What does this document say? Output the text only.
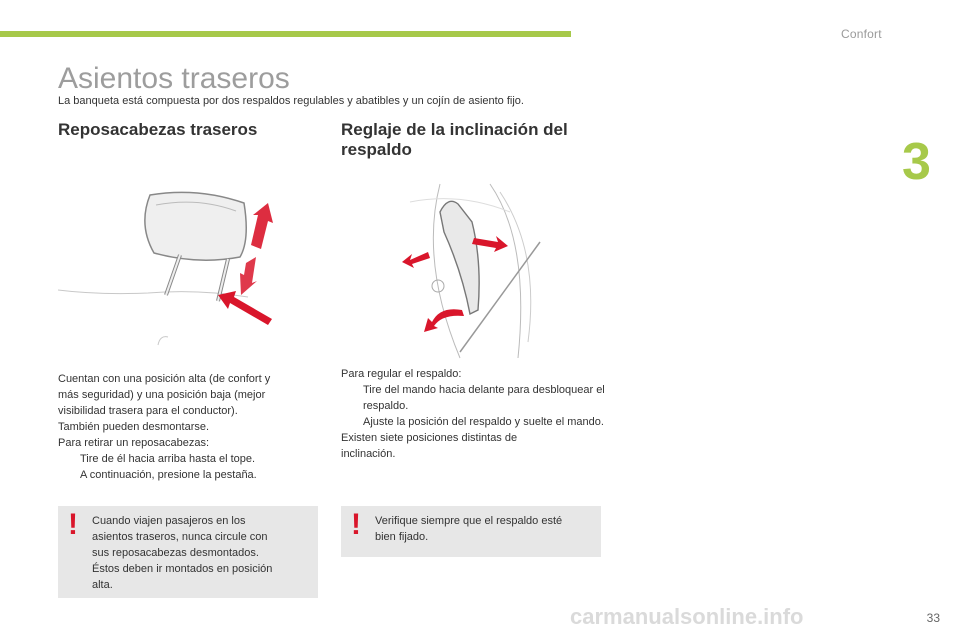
Confort
3
Asientos traseros
La banqueta está compuesta por dos respaldos regulables y abatibles y un cojín de asiento fijo.
Reposacabezas traseros	Reglaje de la inclinación del respaldo
Cuentan con una posición alta (de confort y
más seguridad) y una posición baja (mejor
visibilidad trasera para el conductor).
También pueden desmontarse.
Para retirar un reposacabezas:
Tire de él hacia arriba hasta el tope.
A continuación, presione la pestaña.
Para regular el respaldo:
Tire del mando hacia delante para desbloquear el respaldo.
Ajuste la posición del respaldo y suelte el mando.
Existen siete posiciones distintas de
inclinación.
! Cuando viajen pasajeros en los
asientos traseros, nunca circule con
sus reposacabezas desmontados.
Éstos deben ir montados en posición
alta.
! Verifique siempre que el respaldo esté
bien fijado.
carmanualsonline.info	33
